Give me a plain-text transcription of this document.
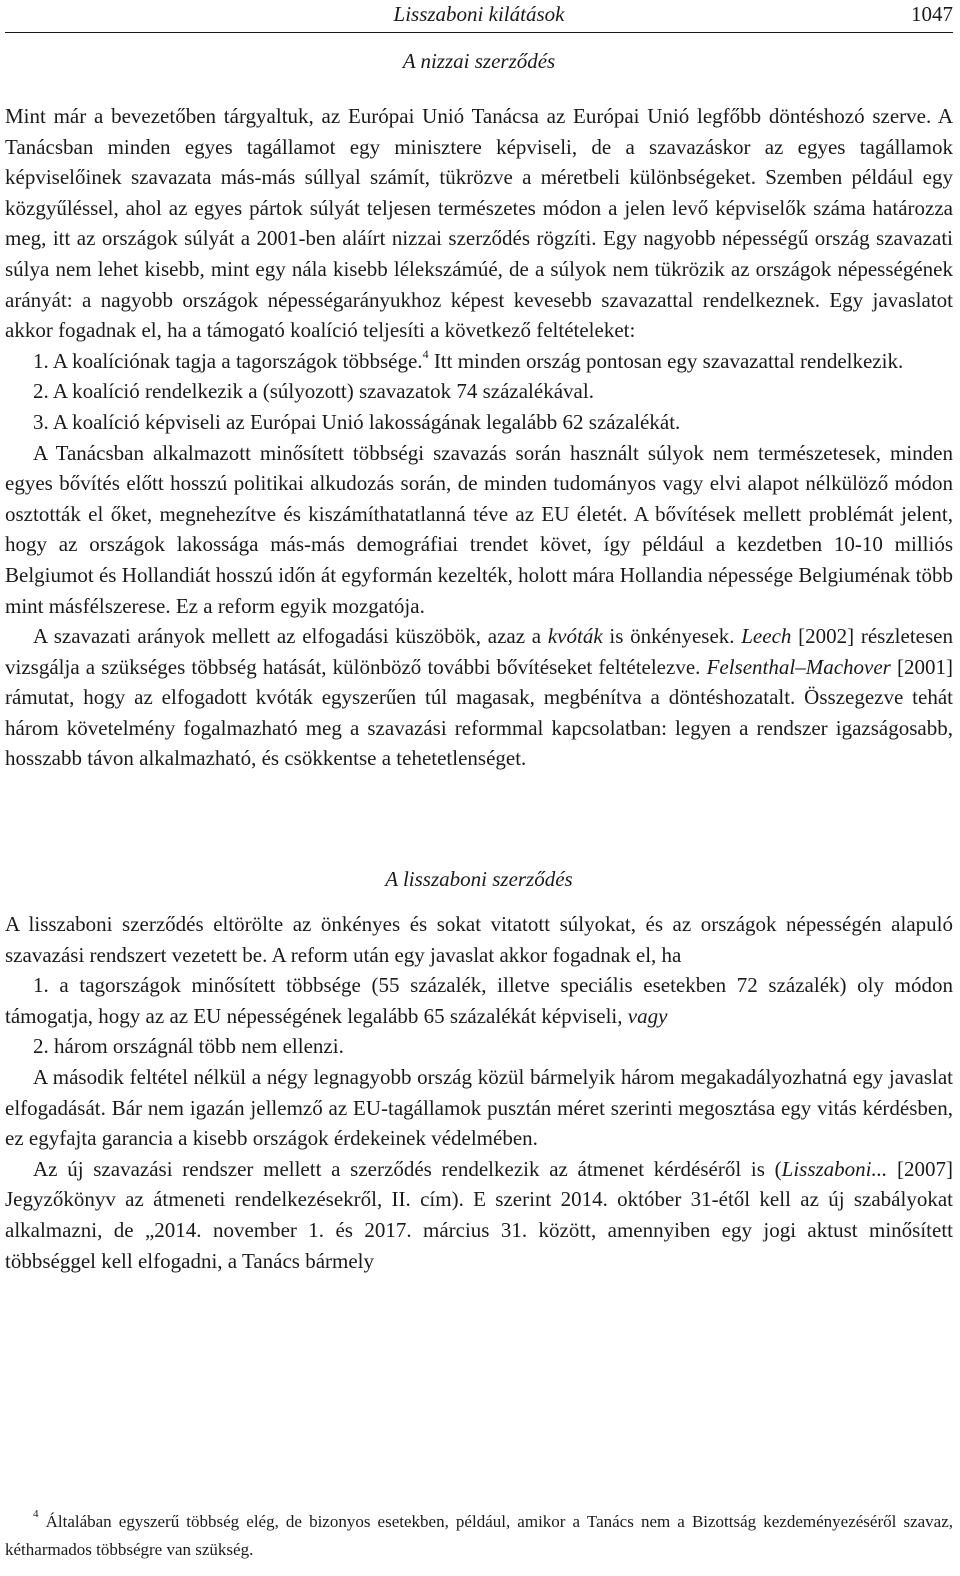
Lisszaboni kilátások	1047
A nizzai szerződés

Mint már a bevezetőben tárgyaltuk, az Európai Unió Tanácsa az Európai Unió legfőbb döntéshozó szerve. A Tanácsban minden egyes tagállamot egy minisztere képviseli, de a szavazáskor az egyes tagállamok képviselőinek szavazata más-más súllyal számít, tükrözve a méretbeli különbségeket. Szemben például egy közgyűléssel, ahol az egyes pártok súlyát teljesen természetes módon a jelen levő képviselők száma határozza meg, itt az országok súlyát a 2001-ben aláírt nizzai szerződés rögzíti. Egy nagyobb népességű ország szavazati súlya nem lehet kisebb, mint egy nála kisebb lélekszámúé, de a súlyok nem tükrözik az országok népességének arányát: a nagyobb országok népességarányukhoz képest kevesebb szavazattal rendelkeznek. Egy javaslatot akkor fogadnak el, ha a támogató koalíció teljesíti a következő feltételeket:

1. A koalíciónak tagja a tagországok többsége.$^4$ Itt minden ország pontosan egy szavazattal rendelkezik.

2. A koalíció rendelkezik a (súlyozott) szavazatok 74 százalékával.

3. A koalíció képviseli az Európai Unió lakosságának legalább 62 százalékát.

A Tanácsban alkalmazott minősített többségi szavazás során használt súlyok nem természetesek, minden egyes bővítés előtt hosszú politikai alkudozás során, de minden tudományos vagy elvi alapot nélkülöző módon osztották el őket, megnehezítve és kiszámíthatatlanná téve az EU életét. A bővítések mellett problémát jelent, hogy az országok lakossága más-más demográfiai trendet követ, így például a kezdetben 10-10 milliós Belgiumot és Hollandiát hosszú időn át egyformán kezelték, holott mára Hollandia népessége Belgiuménak több mint másfélszerese. Ez a reform egyik mozgatója.

A szavazati arányok mellett az elfogadási küszöbök, azaz a kvóták is önkényesek. Leech [2002] részletesen vizsgálja a szükséges többség hatását, különböző további bővítéseket feltételezve. Felsenthal–Machover [2001] rámutat, hogy az elfogadott kvóták egyszerűen túl magasak, megbénítva a döntéshozatalt. Összegezve tehát három követelmény fogalmazható meg a szavazási reformmal kapcsolatban: legyen a rendszer igazságosabb, hosszabb távon alkalmazható, és csökkentse a tehetetlenséget.

A lisszaboni szerződés

A lisszaboni szerződés eltörölte az önkényes és sokat vitatott súlyokat, és az országok népességén alapuló szavazási rendszert vezetett be. A reform után egy javaslat akkor fogadnak el, ha

1. a tagországok minősített többsége (55 százalék, illetve speciális esetekben 72 százalék) oly módon támogatja, hogy az az EU népességének legalább 65 százalékát képviseli, vagy

2. három országnál több nem ellenzi.

A második feltétel nélkül a négy legnagyobb ország közül bármelyik három megakadályozhatná egy javaslat elfogadását. Bár nem igazán jellemző az EU-tagállamok pusztán méret szerinti megosztása egy vitás kérdésben, ez egyfajta garancia a kisebb országok érdekeinek védelmében.

Az új szavazási rendszer mellett a szerződés rendelkezik az átmenet kérdéséről is (Lisszaboni... [2007] Jegyzőkönyv az átmeneti rendelkezésekről, II. cím). E szerint 2014. október 31-étől kell az új szabályokat alkalmazni, de „2014. november 1. és 2017. március 31. között, amennyiben egy jogi aktust minősített többséggel kell elfogadni, a Tanács bármely

$^4$ Általában egyszerű többség elég, de bizonyos esetekben, például, amikor a Tanács nem a Bizottság kezdeményezéséről szavaz, kétharmados többségre van szükség.
